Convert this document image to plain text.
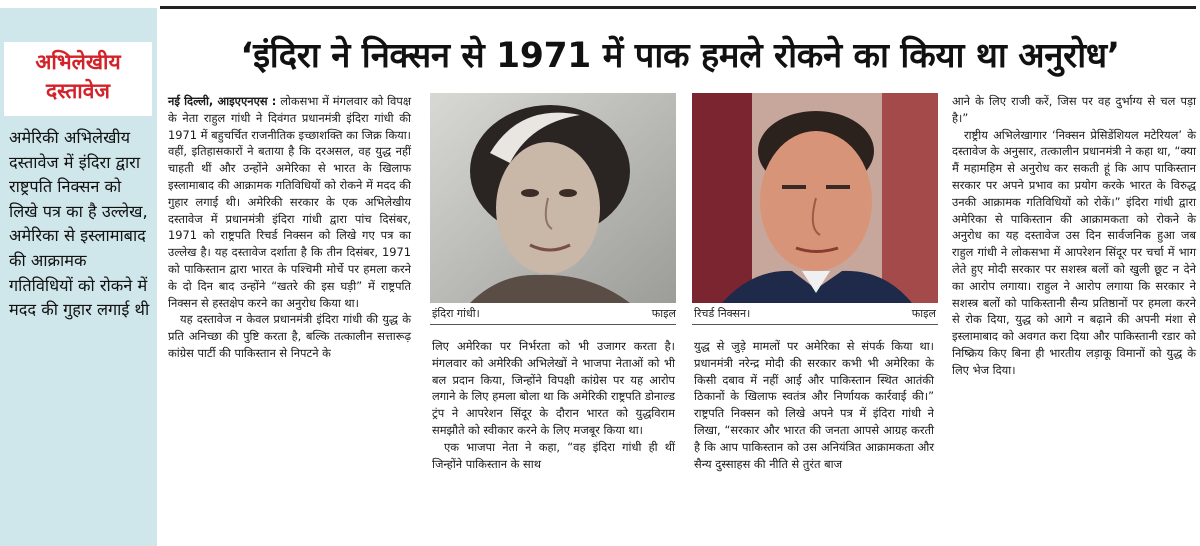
अभिलेखीय
दस्तावेज
अमेरिकी अभिलेखीय दस्तावेज में इंदिरा द्वारा राष्ट्रपति निक्सन को लिखे पत्र का है उल्लेख, अमेरिका से इस्लामाबाद की आक्रामक गतिविधियों को रोकने में मदद की गुहार लगाई थी
‘इंदिरा ने निक्सन से 1971 में पाक हमले रोकने का किया था अनुरोध’

नई दिल्ली, आइएएनएस : लोकसभा में मंगलवार को विपक्ष के नेता राहुल गांधी ने दिवंगत प्रधानमंत्री इंदिरा गांधी की 1971 में बहुचर्चित राजनीतिक इच्छाशक्ति का जिक्र किया। वहीं, इतिहासकारों ने बताया है कि दरअसल, वह युद्ध नहीं चाहती थीं और उन्होंने अमेरिका से भारत के खिलाफ इस्लामाबाद की आक्रामक गतिविधियों को रोकने में मदद की गुहार लगाई थी। अमेरिकी सरकार के एक अभिलेखीय दस्तावेज में प्रधानमंत्री इंदिरा गांधी द्वारा पांच दिसंबर, 1971 को राष्ट्रपति रिचर्ड निक्सन को लिखे गए पत्र का उल्लेख है। यह दस्तावेज दर्शाता है कि तीन दिसंबर, 1971 को पाकिस्तान द्वारा भारत के पश्चिमी मोर्चे पर हमला करने के दो दिन बाद उन्होंने “खतरे की इस घड़ी” में राष्ट्रपति निक्सन से हस्तक्षेप करने का अनुरोध किया था।

यह दस्तावेज न केवल प्रधानमंत्री इंदिरा गांधी की युद्ध के प्रति अनिच्छा की पुष्टि करता है, बल्कि तत्कालीन सत्तारूढ़ कांग्रेस पार्टी की पाकिस्तान से निपटने के

इंदिरा गांधी।	फाइल रिचर्ड निक्सन।	फाइल

लिए अमेरिका पर निर्भरता को भी उजागर करता है। मंगलवार को अमेरिकी अभिलेखों ने भाजपा नेताओं को भी बल प्रदान किया, जिन्होंने विपक्षी कांग्रेस पर यह आरोप लगाने के लिए हमला बोला था कि अमेरिकी राष्ट्रपति डोनाल्ड ट्रंप ने आपरेशन सिंदूर के दौरान भारत को युद्धविराम समझौते को स्वीकार करने के लिए मजबूर किया था।

एक भाजपा नेता ने कहा, “वह इंदिरा गांधी ही थीं जिन्होंने पाकिस्तान के साथ

युद्ध से जुड़े मामलों पर अमेरिका से संपर्क किया था। प्रधानमंत्री नरेन्द्र मोदी की सरकार कभी भी अमेरिका के किसी दबाव में नहीं आई और पाकिस्तान स्थित आतंकी ठिकानों के खिलाफ स्वतंत्र और निर्णायक कार्रवाई की।” राष्ट्रपति निक्सन को लिखे अपने पत्र में इंदिरा गांधी ने लिखा, “सरकार और भारत की जनता आपसे आग्रह करती है कि आप पाकिस्तान को उस अनियंत्रित आक्रामकता और सैन्य दुस्साहस की नीति से तुरंत बाज

आने के लिए राजी करें, जिस पर वह दुर्भाग्य से चल पड़ा है।”

राष्ट्रीय अभिलेखागार ‘निक्सन प्रेसिडेंशियल मटेरियल’ के दस्तावेज के अनुसार, तत्कालीन प्रधानमंत्री ने कहा था, “क्या मैं महामहिम से अनुरोध कर सकती हूं कि आप पाकिस्तान सरकार पर अपने प्रभाव का प्रयोग करके भारत के विरुद्ध उनकी आक्रामक गतिविधियों को रोकें।” इंदिरा गांधी द्वारा अमेरिका से पाकिस्तान की आक्रामकता को रोकने के अनुरोध का यह दस्तावेज उस दिन सार्वजनिक हुआ जब राहुल गांधी ने लोकसभा में आपरेशन सिंदूर पर चर्चा में भाग लेते हुए मोदी सरकार पर सशस्त्र बलों को खुली छूट न देने का आरोप लगाया। राहुल ने आरोप लगाया कि सरकार ने सशस्त्र बलों को पाकिस्तानी सैन्य प्रतिष्ठानों पर हमला करने से रोक दिया, युद्ध को आगे न बढ़ाने की अपनी मंशा से इस्लामाबाद को अवगत करा दिया और पाकिस्तानी रडार को निष्क्रिय किए बिना ही भारतीय लड़ाकू विमानों को युद्ध के लिए भेज दिया।
